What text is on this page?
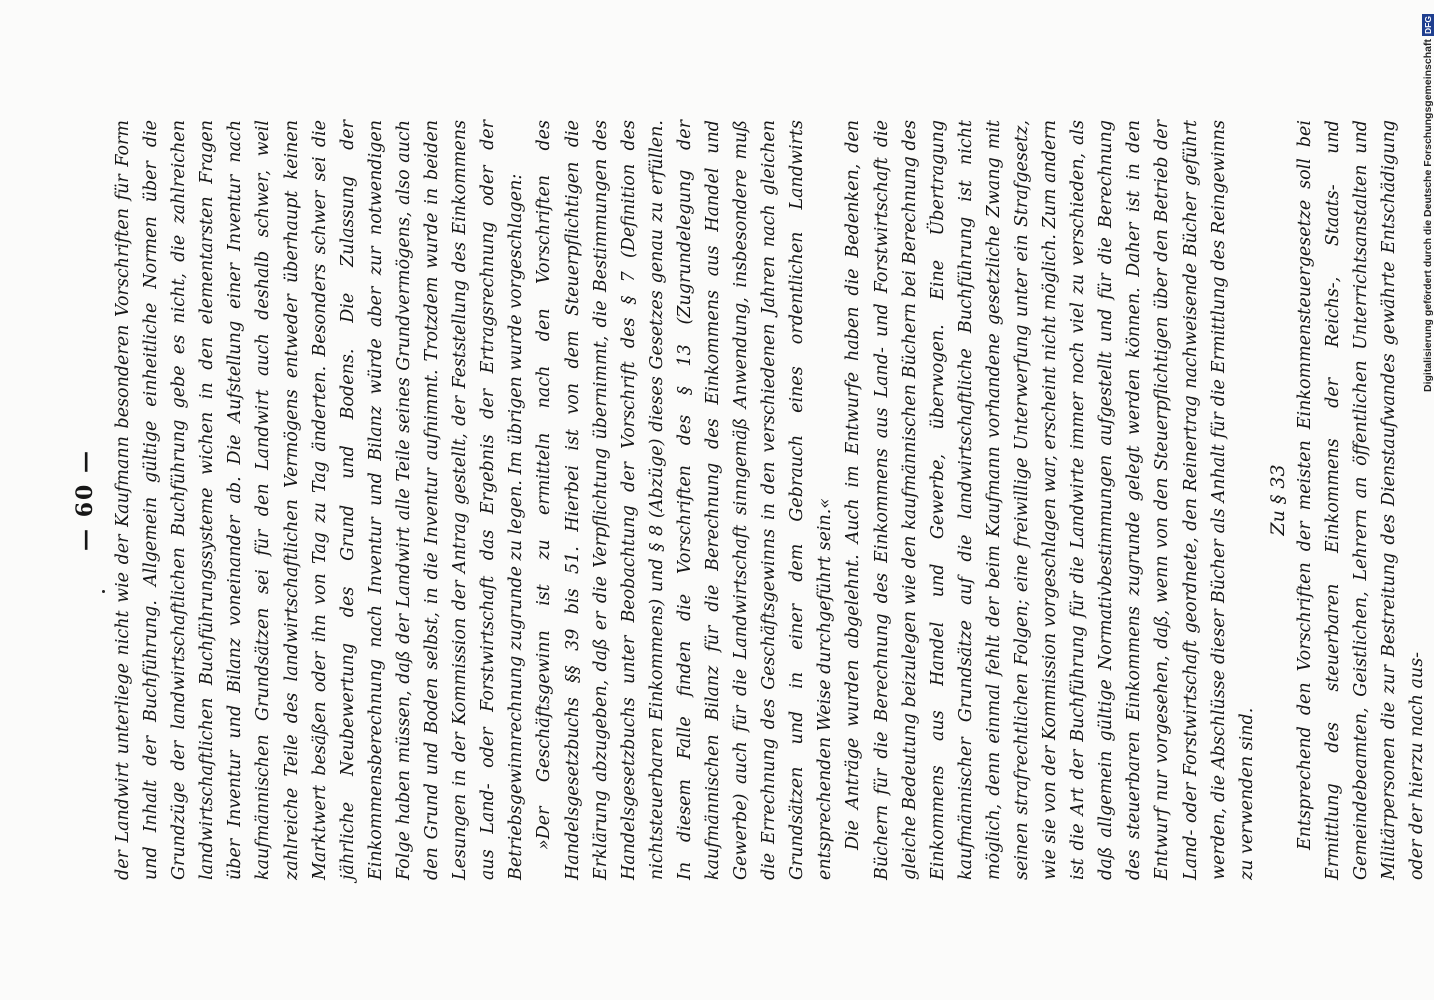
— 60 — der Landwirt unterliege nicht wie der Kaufmann besonderen Vorschriften für Form und Inhalt der Buchführung. Allgemein gültige einheitliche Normen über die Grundzüge der landwirtschaftlichen Buchführung gebe es nicht, die zahlreichen landwirtschaftlichen Buchführungssysteme wichen in den elementarsten Fragen über Inventur und Bilanz voneinander ab. Die Aufstellung einer Inventur nach kaufmännischen Grundsätzen sei für den Landwirt auch deshalb schwer, weil zahlreiche Teile des landwirtschaftlichen Vermögens entweder überhaupt keinen Marktwert besäßen oder ihn von Tag zu Tag änderten. Besonders schwer sei die jährliche Neubewertung des Grund und Bodens. Die Zulassung der Einkommensberechnung nach Inventur und Bilanz würde aber zur notwendigen Folge haben müssen, daß der Landwirt alle Teile seines Grundvermögens, also auch den Grund und Boden selbst, in die Inventur aufnimmt. Trotzdem wurde in beiden Lesungen in der Kommission der Antrag gestellt, der Feststellung des Einkommens aus Land- oder Forstwirtschaft das Ergebnis der Ertragsrechnung oder der Betriebsgewinnrechnung zugrunde zu legen. Im übrigen wurde vorgeschlagen: »Der Geschäftsgewinn ist zu ermitteln nach den Vorschriften des Handelsgesetzbuchs §§ 39 bis 51. Hierbei ist von dem Steuerpflichtigen die Erklärung abzugeben, daß er die Verpflichtung übernimmt, die Bestimmungen des Handelsgesetzbuchs unter Beobachtung der Vorschrift des § 7 (Definition des nichtsteuerbaren Einkommens) und § 8 (Abzüge) dieses Gesetzes genau zu erfüllen. In diesem Falle finden die Vorschriften des § 13 (Zugrundelegung der kaufmännischen Bilanz für die Berechnung des Einkommens aus Handel und Gewerbe) auch für die Landwirtschaft sinngemäß Anwendung, insbesondere muß die Errechnung des Geschäftsgewinns in den verschiedenen Jahren nach gleichen Grundsätzen und in einer dem Gebrauch eines ordentlichen Landwirts entsprechenden Weise durchgeführt sein.« Die Anträge wurden abgelehnt. Auch im Entwurfe haben die Bedenken, den Büchern für die Berechnung des Einkommens aus Land- und Forstwirtschaft die gleiche Bedeutung beizulegen wie den kaufmännischen Büchern bei Berechnung des Einkommens aus Handel und Gewerbe, überwogen. Eine Übertragung kaufmännischer Grundsätze auf die landwirtschaftliche Buchführung ist nicht möglich, denn einmal fehlt der beim Kaufmann vorhandene gesetzliche Zwang mit seinen strafrechtlichen Folgen; eine freiwillige Unterwerfung unter ein Strafgesetz, wie sie von der Kommission vorgeschlagen war, erscheint nicht möglich. Zum andern ist die Art der Buchführung für die Landwirte immer noch viel zu verschieden, als daß allgemein gültige Normativbestimmungen aufgestellt und für die Berechnung des steuerbaren Einkommens zugrunde gelegt werden können. Daher ist in den Entwurf nur vorgesehen, daß, wenn von den Steuerpflichtigen über den Betrieb der Land- oder Forstwirtschaft geordnete, den Reinertrag nachweisende Bücher geführt werden, die Abschlüsse dieser Bücher als Anhalt für die Ermittlung des Reingewinns zu verwenden sind.

Zu § 33 Entsprechend den Vorschriften der meisten Einkommensteuergesetze soll bei Ermittlung des steuerbaren Einkommens der Reichs-, Staats- und Gemeindebeamten, Geistlichen, Lehrern an öffentlichen Unterrichtsanstalten und Militärpersonen die zur Bestreitung des Dienstaufwandes gewährte Entschädigung oder der hierzu nach aus-

Digitalisierung gefördert durch die Deutsche Forschungsgemeinschaft
DFG
